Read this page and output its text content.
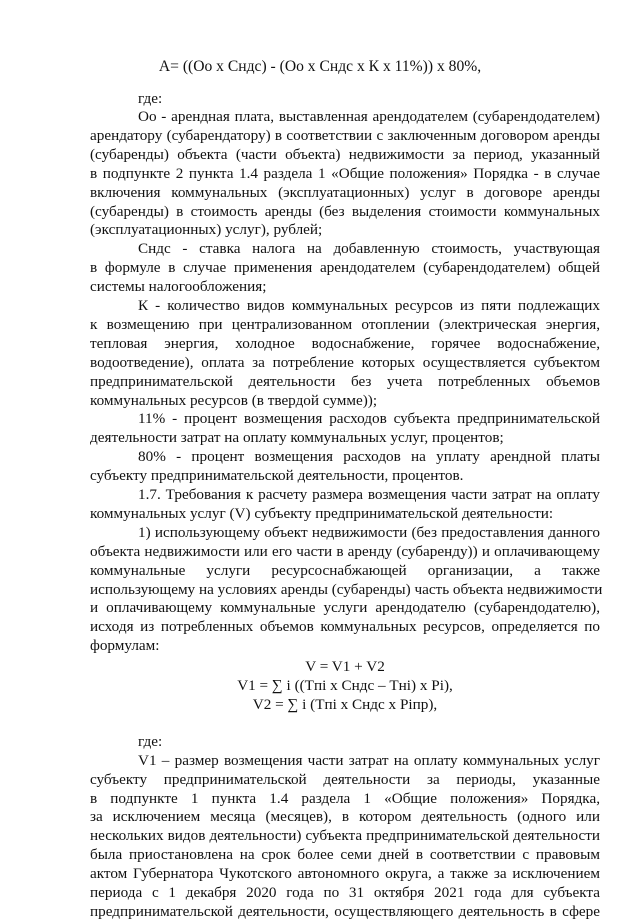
А= ((Оо х Сндс) - (Оо х Сндс х К х 11%)) х 80%,
где:
Оо - арендная плата, выставленная арендодателем (субарендодателем)
арендатору (субарендатору) в соответствии с заключенным договором аренды
(субаренды) объекта (части объекта) недвижимости за период, указанный
в подпункте 2 пункта 1.4 раздела 1 «Общие положения» Порядка - в случае
включения коммунальных (эксплуатационных) услуг в договоре аренды
(субаренды) в стоимость аренды (без выделения стоимости коммунальных
(эксплуатационных) услуг), рублей;
Сндс - ставка налога на добавленную стоимость, участвующая
в формуле в случае применения арендодателем (субарендодателем) общей
системы налогообложения;
К - количество видов коммунальных ресурсов из пяти подлежащих
к возмещению при централизованном отоплении (электрическая энергия,
тепловая энергия, холодное водоснабжение, горячее водоснабжение,
водоотведение), оплата за потребление которых осуществляется субъектом
предпринимательской деятельности без учета потребленных объемов
коммунальных ресурсов (в твердой сумме));
11% - процент возмещения расходов субъекта предпринимательской
деятельности затрат на оплату коммунальных услуг, процентов;
80% - процент возмещения расходов на уплату арендной платы
субъекту предпринимательской деятельности, процентов.
1.7. Требования к расчету размера возмещения части затрат на оплату
коммунальных услуг (V) субъекту предпринимательской деятельности:
1) использующему объект недвижимости (без предоставления данного
объекта недвижимости или его части в аренду (субаренду)) и оплачивающему
коммунальные услуги ресурсоснабжающей организации, а также
использующему на условиях аренды (субаренды) часть объекта недвижимости
и оплачивающему коммунальные услуги арендодателю (субарендодателю),
исходя из потребленных объемов коммунальных ресурсов, определяется по
формулам:
V = V1 + V2
V1 = ∑ i ((Tпi х Сндс – Tнi) х Pi),
V2 = ∑ i (Tпi х Сндс х Piпр),
где:
V1 – размер возмещения части затрат на оплату коммунальных услуг
субъекту предпринимательской деятельности за периоды, указанные
в подпункте 1 пункта 1.4 раздела 1 «Общие положения» Порядка,
за исключением месяца (месяцев), в котором деятельность (одного или
нескольких видов деятельности) субъекта предпринимательской деятельности
была приостановлена на срок более семи дней в соответствии с правовым
актом Губернатора Чукотского автономного округа, а также за исключением
периода с 1 декабря 2020 года по 31 октября 2021 года для субъекта
предпринимательской деятельности, осуществляющего деятельность в сфере
